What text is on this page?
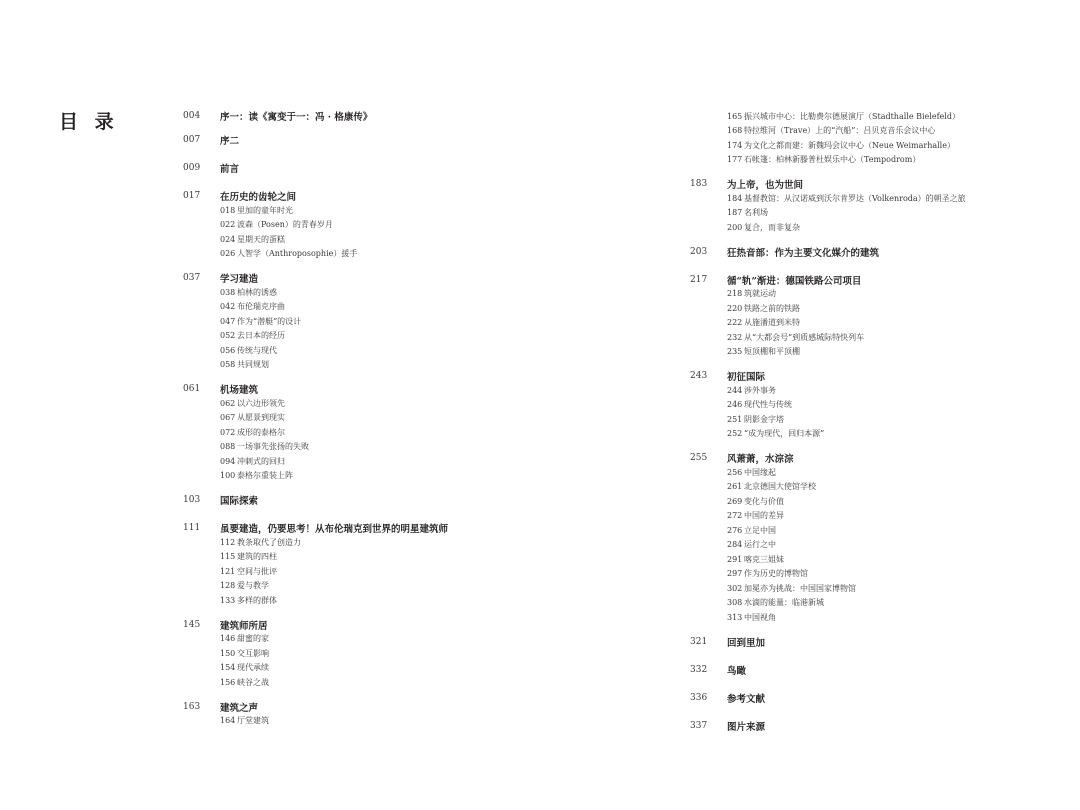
目 录	004	序一：读《寓变于一：冯 · 格康传》
007	序二
009	前言
017	在历史的齿轮之间
018 里加的童年时光
022 波森（Posen）的青春岁月
024 星期天的蛋糕
026 人智学（Anthroposophie）援手
037	学习建造
038 柏林的诱惑
042 布伦瑞克序曲
047 作为“潜艇”的设计
052 去日本的经历
056 传统与现代
058 共同规划
061	机场建筑
062 以六边形领先
067 从愿景到现实
072 成形的泰格尔
088 一场事先张扬的失败
094 冲刺式的回归
100 泰格尔重装上阵
103	国际探索
111	虽要建造，仍要思考！从布伦瑞克到世界的明星建筑师
112 教条取代了创造力
115 建筑的四柱
121 空间与批评
128 爱与教学
133 多样的群体
145	建筑师所居
146 甜蜜的家
150 交互影响
154 现代承续
156 峡谷之战
163	建筑之声
164 厅堂建筑
165 振兴城市中心：比勒费尔德展演厅（Stadthalle Bielefeld）
168 特拉维河（Trave）上的“汽船”：吕贝克音乐会议中心
174 为文化之都而建：新魏玛会议中心（Neue Weimarhalle）
177 石帐篷：柏林新滕普杜娱乐中心（Tempodrom）
183	为上帝，也为世间
184 基督教馆：从汉诺威到沃尔肯罗达（Volkenroda）的朝圣之旅
187 名利场
200 复合，而非复杂
203	狂热音部：作为主要文化媒介的建筑
217	循“轨”渐进：德国铁路公司项目
218 筑就运动
220 铁路之前的铁路
222 从施潘道到米特
232 从“大都会号”到质感城际特快列车
235 短顶棚和平顶棚
243	初征国际
244 涉外事务
246 现代性与传统
251 阴影金字塔
252 “成为现代，回归本源”
255	风萧萧，水淙淙
256 中国缘起
261 北京德国大使馆学校
269 变化与价值
272 中国的差异
276 立足中国
284 运行之中
291 喀克三姐妹
297 作为历史的博物馆
302 加冕亦为挑战：中国国家博物馆
308 水滴的能量：临港新城
313 中国视角
321	回到里加
332	鸟瞰
336	参考文献
337	图片来源
